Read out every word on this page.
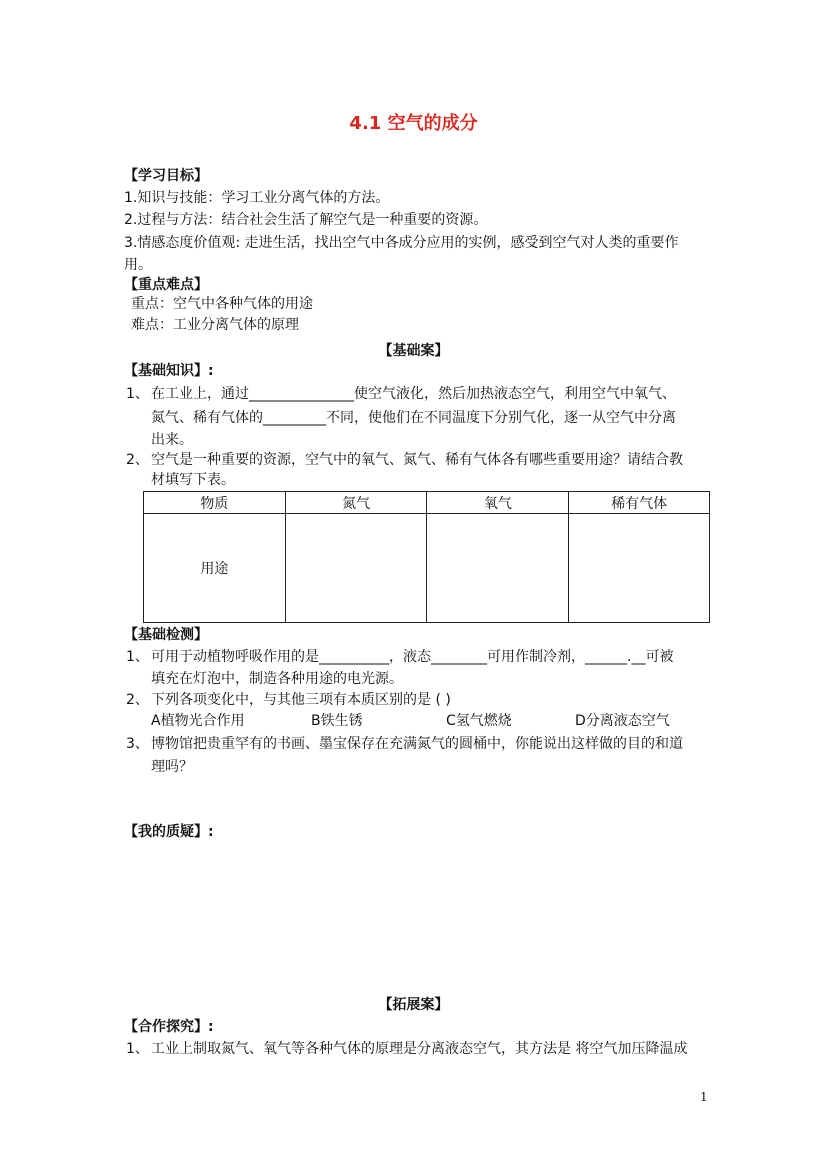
4.1 空气的成分
【学习目标】
1.知识与技能：学习工业分离气体的方法。
2.过程与方法：结合社会生活了解空气是一种重要的资源。
3.情感态度价值观: 走进生活，找出空气中各成分应用的实例，感受到空气对人类的重要作
用。
【重点难点】
重点：空气中各种气体的用途
难点：工业分离气体的原理
【基础案】
【基础知识】:
1、 在工业上，通过_______________使空气液化，然后加热液态空气，利用空气中氧气、
氮气、稀有气体的_________不同，使他们在不同温度下分别气化，逐一从空气中分离
出来。
2、 空气是一种重要的资源，空气中的氧气、氮气、稀有气体各有哪些重要用途？请结合教
材填写下表。
物质	氮气	氧气	稀有气体
用途			
【基础检测】
1、 可用于动植物呼吸作用的是__________，液态________可用作制冷剂，______.__可被
填充在灯泡中，制造各种用途的电光源。
2、 下列各项变化中，与其他三项有本质区别的是 ( )
A植物光合作用	B铁生锈	C氢气燃烧	D分离液态空气
3、 博物馆把贵重罕有的书画、墨宝保存在充满氮气的圆桶中，你能说出这样做的目的和道
理吗？
【我的质疑】:
【拓展案】
【合作探究】:
1、 工业上制取氮气、氧气等各种气体的原理是分离液态空气，其方法是 将空气加压降温成
1
